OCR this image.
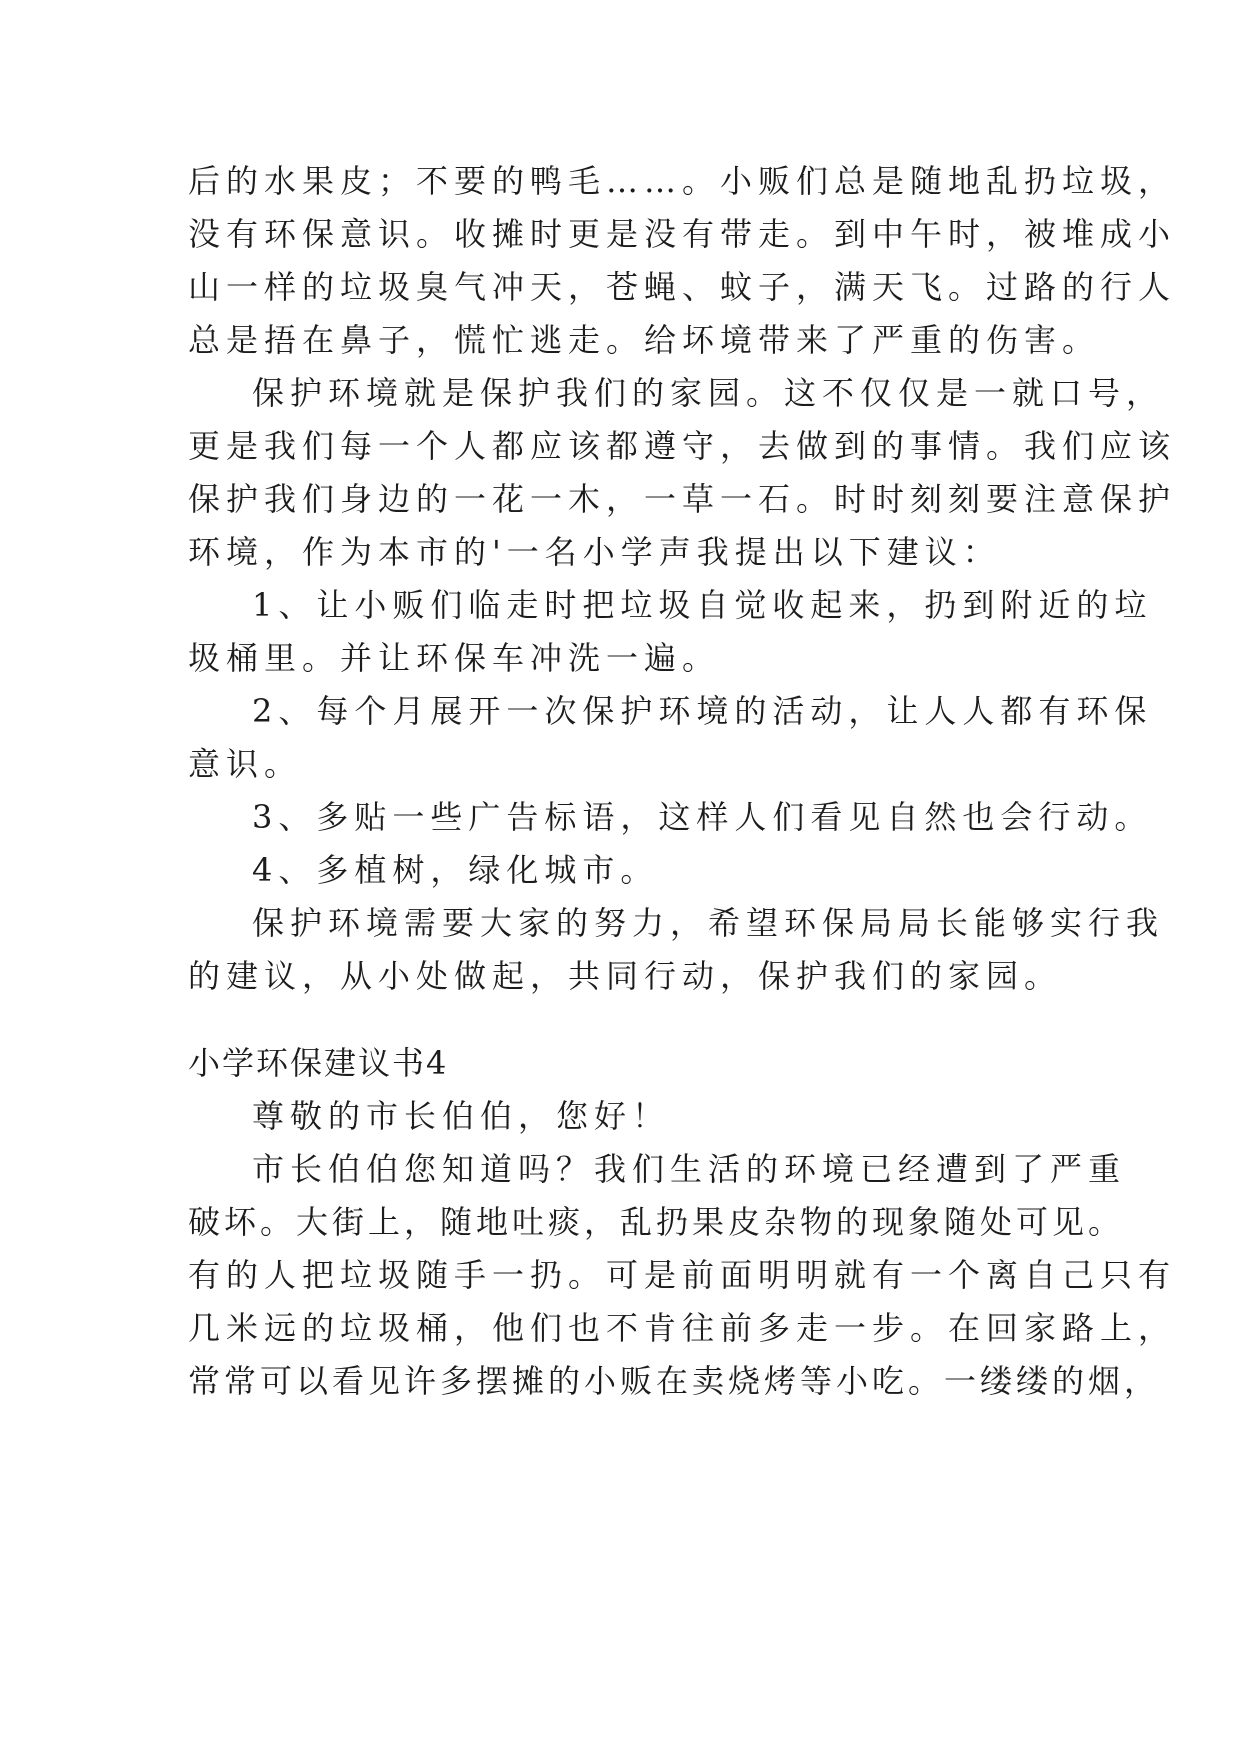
后的水果皮；不要的鸭毛……。小贩们总是随地乱扔垃圾，
没有环保意识。收摊时更是没有带走。到中午时，被堆成小
山一样的垃圾臭气冲天，苍蝇、蚊子，满天飞。过路的行人
总是捂在鼻子，慌忙逃走。给坏境带来了严重的伤害。
保护环境就是保护我们的家园。这不仅仅是一就口号，
更是我们每一个人都应该都遵守，去做到的事情。我们应该
保护我们身边的一花一木，一草一石。时时刻刻要注意保护
环境，作为本市的'一名小学声我提出以下建议：
1、让小贩们临走时把垃圾自觉收起来，扔到附近的垃
圾桶里。并让环保车冲洗一遍。
2、每个月展开一次保护环境的活动，让人人都有环保
意识。
3、多贴一些广告标语，这样人们看见自然也会行动。
4、多植树，绿化城市。
保护环境需要大家的努力，希望环保局局长能够实行我
的建议，从小处做起，共同行动，保护我们的家园。
小学环保建议书4
尊敬的市长伯伯，您好！
市长伯伯您知道吗？我们生活的环境已经遭到了严重
破坏。大街上，随地吐痰，乱扔果皮杂物的现象随处可见。
有的人把垃圾随手一扔。可是前面明明就有一个离自己只有
几米远的垃圾桶，他们也不肯往前多走一步。在回家路上，
常常可以看见许多摆摊的小贩在卖烧烤等小吃。一缕缕的烟，
